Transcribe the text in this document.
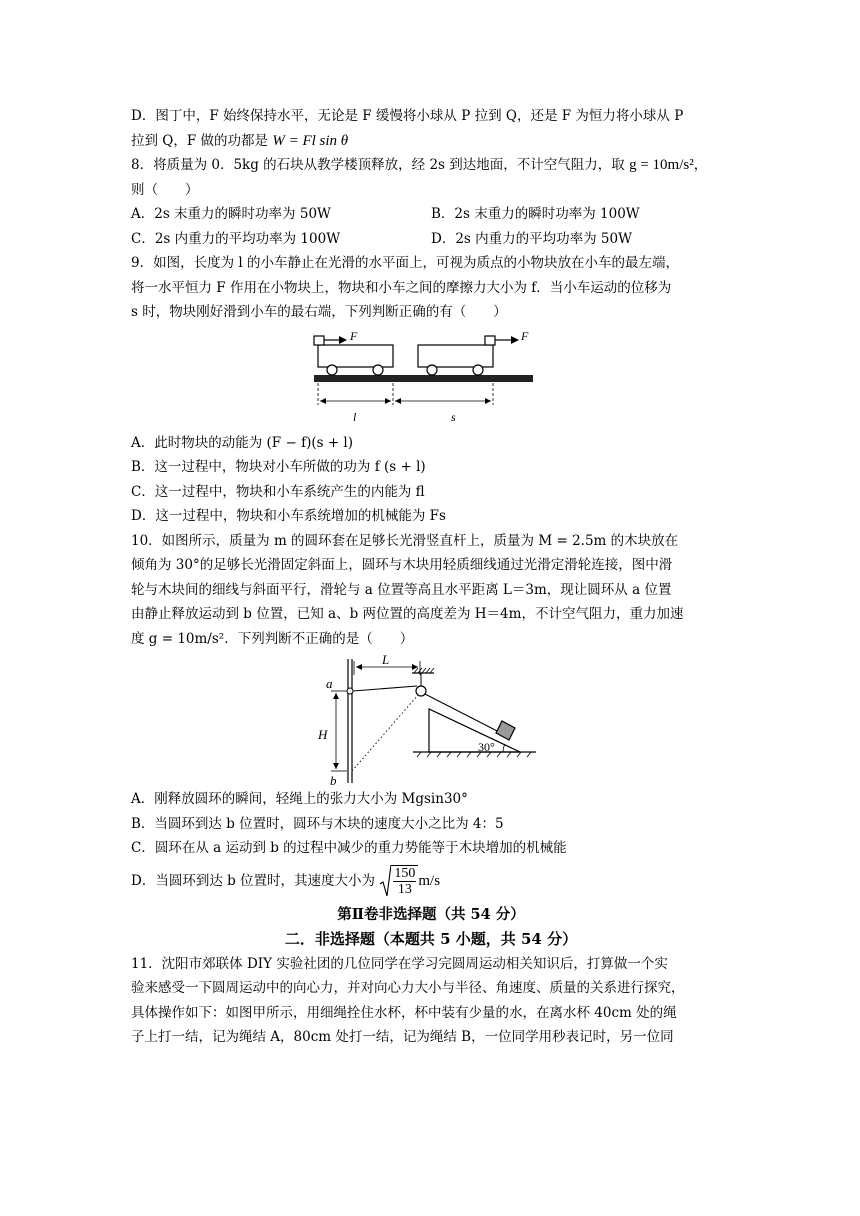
D．图丁中，F 始终保持水平，无论是 F 缓慢将小球从 P 拉到 Q，还是 F 为恒力将小球从 P
拉到 Q，F 做的功都是 W = Fl sin θ
8．将质量为 0．5kg 的石块从教学楼顶释放，经 2s 到达地面，不计空气阻力，取 g = 10m/s²，
则（　　）
A．2s 末重力的瞬时功率为 50W	B．2s 末重力的瞬时功率为 100W
C．2s 内重力的平均功率为 100W	D．2s 内重力的平均功率为 50W
9．如图，长度为 l 的小车静止在光滑的水平面上，可视为质点的小物块放在小车的最左端，
将一水平恒力 F 作用在小物块上，物块和小车之间的摩擦力大小为 f．当小车运动的位移为
s 时，物块刚好滑到小车的最右端，下列判断正确的有（　　）
F	F
l	s
A．此时物块的动能为 (F − f)(s + l)
B．这一过程中，物块对小车所做的功为 f (s + l)
C．这一过程中，物块和小车系统产生的内能为 fl
D．这一过程中，物块和小车系统增加的机械能为 Fs
10．如图所示，质量为 m 的圆环套在足够长光滑竖直杆上，质量为 M = 2.5m 的木块放在
倾角为 30°的足够长光滑固定斜面上，圆环与木块用轻质细线通过光滑定滑轮连接，图中滑
轮与木块间的细线与斜面平行，滑轮与 a 位置等高且水平距离 L＝3m，现让圆环从 a 位置
由静止释放运动到 b 位置，已知 a、b 两位置的高度差为 H＝4m，不计空气阻力，重力加速
度 g = 10m/s²．下列判断不正确的是（　　）
a
b
H
L
30°
A．刚释放圆环的瞬间，轻绳上的张力大小为 Mgsin30°
B．当圆环到达 b 位置时，圆环与木块的速度大小之比为 4：5
C．圆环在从 a 运动到 b 的过程中减少的重力势能等于木块增加的机械能
D．当圆环到达 b 位置时，其速度大小为 $\frac{150}{13} m/s$
第Ⅱ卷非选择题（共 54 分）
二．非选择题（本题共 5 小题，共 54 分）
11．沈阳市郊联体 DIY 实验社团的几位同学在学习完圆周运动相关知识后，打算做一个实
验来感受一下圆周运动中的向心力，并对向心力大小与半径、角速度、质量的关系进行探究，
具体操作如下：如图甲所示，用细绳拴住水杯，杯中装有少量的水，在离水杯 40cm 处的绳
子上打一结，记为绳结 A，80cm 处打一结，记为绳结 B，一位同学用秒表记时，另一位同
